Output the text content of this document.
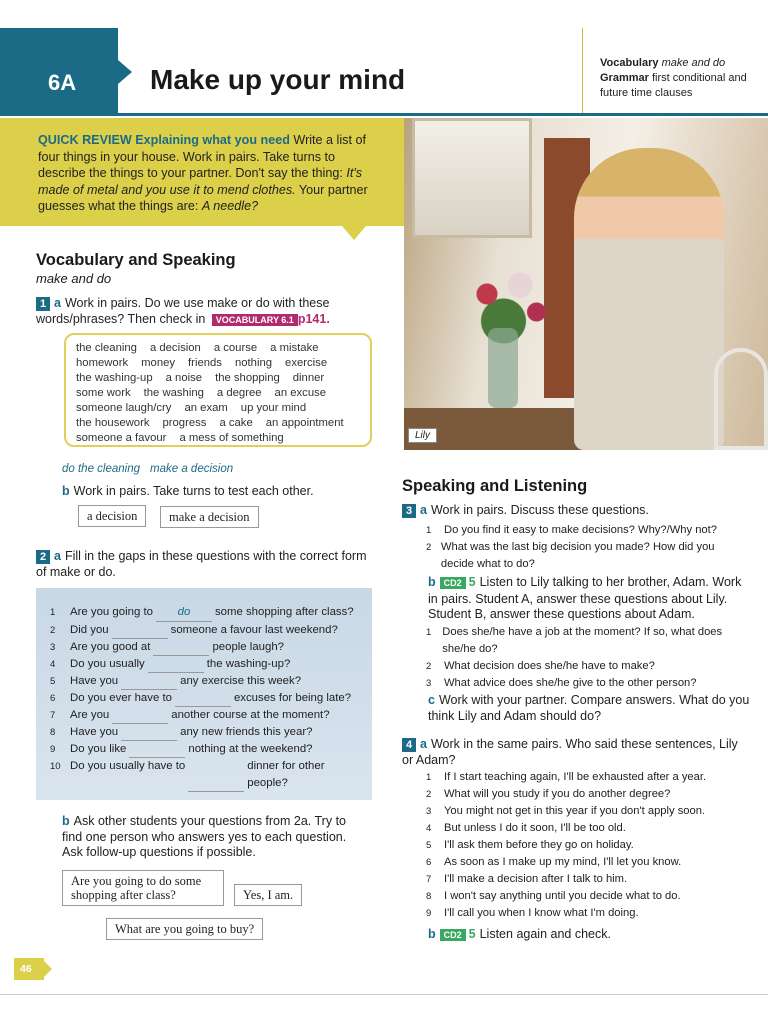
6A	Make up your mind
Vocabulary make and do
Grammar first conditional and future time clauses
QUICK REVIEW Explaining what you need Write a list of four things in your house. Work in pairs. Take turns to describe the things to your partner. Don't say the thing: It's made of metal and you use it to mend clothes. Your partner guesses what the things are: A needle?
Lily
Vocabulary and Speaking
make and do
1 a Work in pairs. Do we use make or do with these words/phrases? Then check in VOCABULARY 6.1 p141.
the cleaning a decision a course a mistake
homework money friends nothing exercise
the washing-up a noise the shopping dinner
some work the washing a degree an excuse
someone laugh/cry an exam up your mind
the housework progress a cake an appointment
someone a favour a mess of something
do the cleaning make a decision
b Work in pairs. Take turns to test each other.
a decision	make a decision
2 a Fill in the gaps in these questions with the correct form of make or do.
1	Are you going to	do	some shopping after class?
2	Did you	someone a favour last weekend?
3	Are you good at	people laugh?
4	Do you usually	the washing-up?
5	Have you	any exercise this week?
6	Do you ever have to	excuses for being late?
7	Are you	another course at the moment?
8	Have you	any new friends this year?
9	Do you like	nothing at the weekend?
10 Do you usually have to	dinner for other people?
b Ask other students your questions from 2a. Try to find one person who answers yes to each question. Ask follow-up questions if possible.
Are you going to do some shopping after class?	Yes, I am.
What are you going to buy?
Speaking and Listening
3 a Work in pairs. Discuss these questions.
1	Do you find it easy to make decisions? Why?/Why not?
2 What was the last big decision you made? How did you decide what to do?
b CD2 5 Listen to Lily talking to her brother, Adam. Work in pairs. Student A, answer these questions about Lily. Student B, answer these questions about Adam.
1 Does she/he have a job at the moment? If so, what does she/he do?
2	What decision does she/he have to make?
3	What advice does she/he give to the other person?
c Work with your partner. Compare answers. What do you think Lily and Adam should do?
4 a Work in the same pairs. Who said these sentences, Lily or Adam?
1	If I start teaching again, I'll be exhausted after a year.
2	What will you study if you do another degree?
3	You might not get in this year if you don't apply soon.
4	But unless I do it soon, I'll be too old.
5	I'll ask them before they go on holiday.
6	As soon as I make up my mind, I'll let you know.
7	I'll make a decision after I talk to him.
8	I won't say anything until you decide what to do.
9	I'll call you when I know what I'm doing.
b CD2 5 Listen again and check.
46
